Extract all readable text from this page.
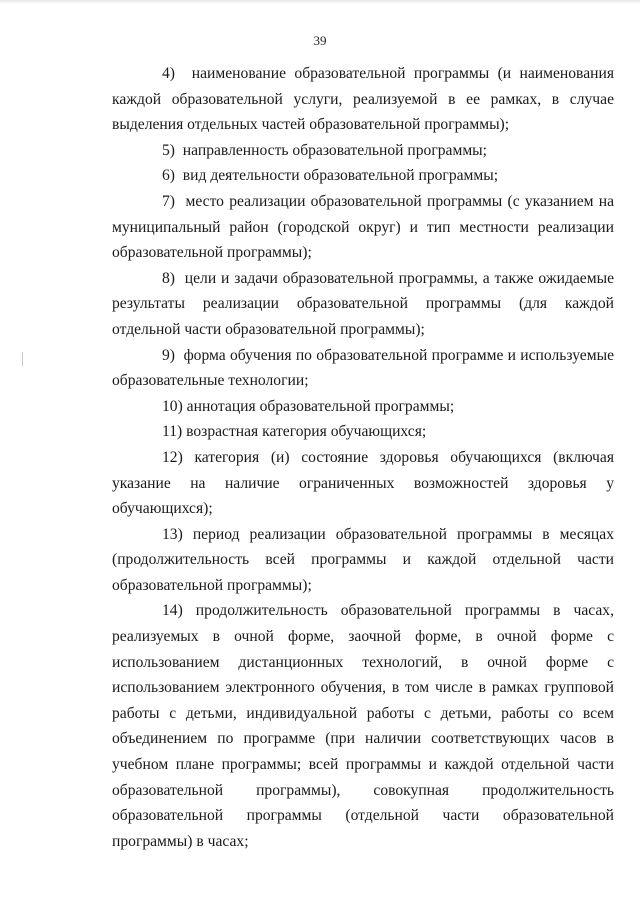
39

4)  наименование образовательной программы (и наименования каждой образовательной услуги, реализуемой в ее рамках, в случае выделения отдельных частей образовательной программы);

5)  направленность образовательной программы;

6)  вид деятельности образовательной программы;

7)  место реализации образовательной программы (с указанием на муниципальный район (городской округ) и тип местности реализации образовательной программы);

8)  цели и задачи образовательной программы, а также ожидаемые результаты реализации образовательной программы (для каждой отдельной части образовательной программы);

9)  форма обучения по образовательной программе и используемые образовательные технологии;

10) аннотация образовательной программы;

11) возрастная категория обучающихся;

12) категория (и) состояние здоровья обучающихся (включая указание на наличие ограниченных возможностей здоровья у обучающихся);

13) период реализации образовательной программы в месяцах (продолжительность всей программы и каждой отдельной части образовательной программы);

14) продолжительность образовательной программы в часах, реализуемых в очной форме, заочной форме, в очной форме с использованием дистанционных технологий, в очной форме с использованием электронного обучения, в том числе в рамках групповой работы с детьми, индивидуальной работы с детьми, работы со всем объединением по программе (при наличии соответствующих часов в учебном плане программы; всей программы и каждой отдельной части образовательной программы), совокупная продолжительность образовательной программы (отдельной части образовательной программы) в часах;
